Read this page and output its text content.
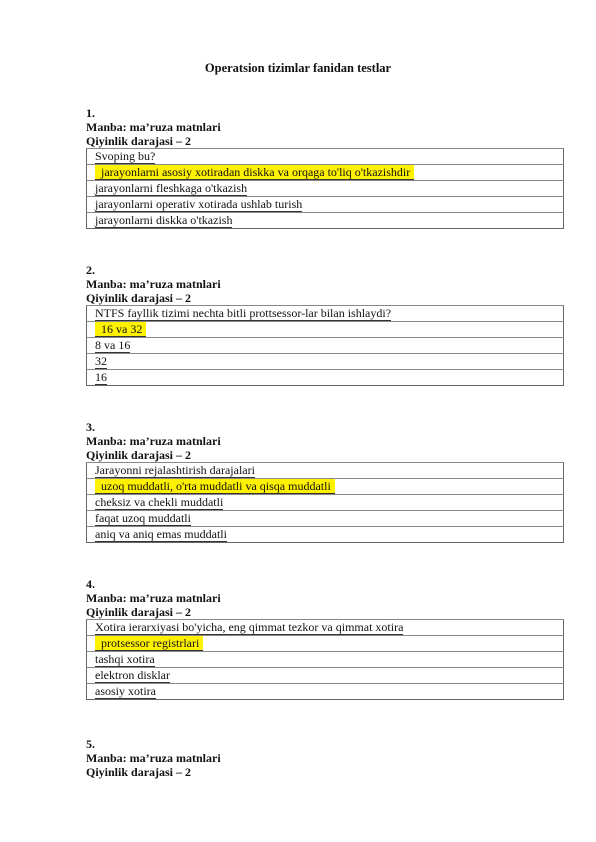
Operatsion tizimlar fanidan testlar
1.
Manba: ma’ruza matnlari
Qiyinlik darajasi – 2
Svoping bu?
jarayonlarni asosiy xotiradan diskka va orqaga to'liq o'tkazishdir
jarayonlarni fleshkaga o'tkazish
jarayonlarni operativ xotirada ushlab turish
jarayonlarni diskka o'tkazish
2.
Manba: ma’ruza matnlari
Qiyinlik darajasi – 2
NTFS fayllik tizimi nechta bitli prottsessor-lar bilan ishlaydi?
16 va 32
8 va 16
32
16
3.
Manba: ma’ruza matnlari
Qiyinlik darajasi – 2
Jarayonni rejalashtirish darajalari
uzoq muddatli, o'rta muddatli va qisqa muddatli
cheksiz va chekli muddatli
faqat uzoq muddatli
aniq va aniq emas muddatli
4.
Manba: ma’ruza matnlari
Qiyinlik darajasi – 2
Xotira ierarxiyasi bo'yicha, eng qimmat tezkor va qimmat xotira
protsessor registrlari
tashqi xotira
elektron disklar
asosiy xotira
5.
Manba: ma’ruza matnlari
Qiyinlik darajasi – 2
